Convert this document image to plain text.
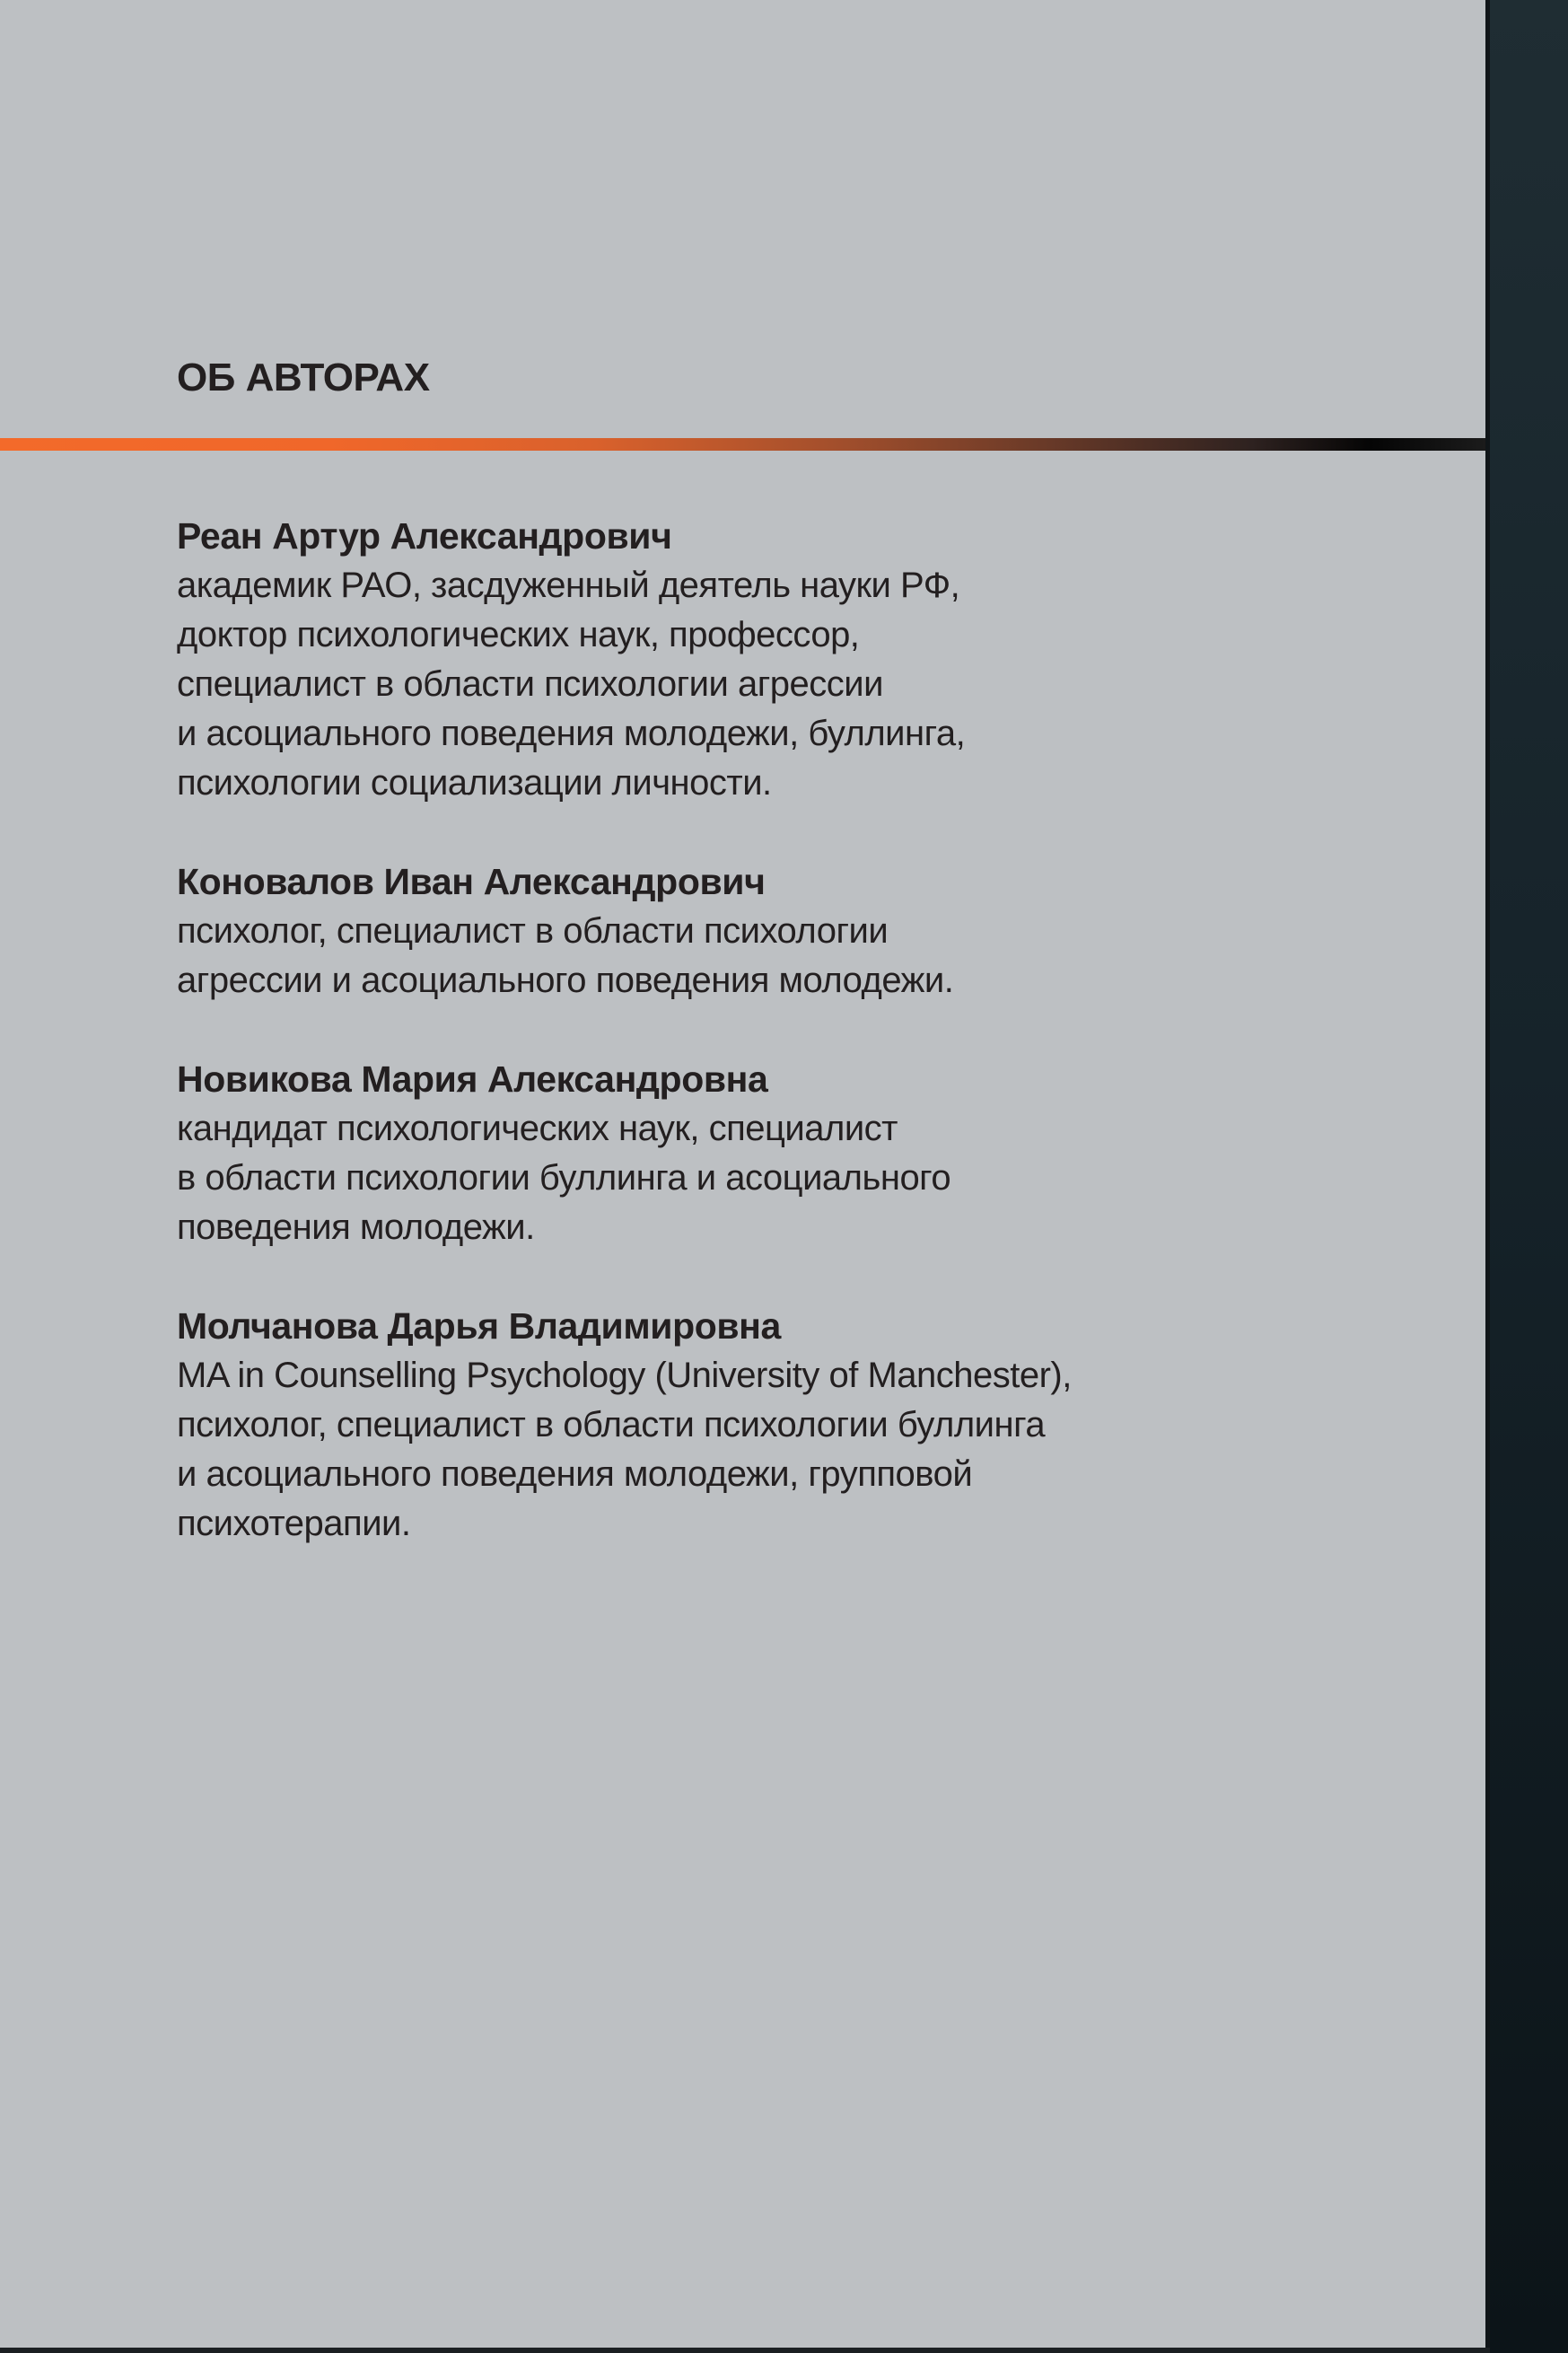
ОБ АВТОРАХ
Реан Артур Александрович
академик РАО, засдуженный деятель науки РФ,
доктор психологических наук, профессор,
специалист в области психологии агрессии
и асоциального поведения молодежи, буллинга,
психологии социализации личности.
Коновалов Иван Александрович
психолог, специалист в области психологии
агрессии и асоциального поведения молодежи.
Новикова Мария Александровна
кандидат психологических наук, специалист
в области психологии буллинга и асоциального
поведения молодежи.
Молчанова Дарья Владимировна
MA in Counselling Psychology (University of Manchester),
психолог, специалист в области психологии буллинга
и асоциального поведения молодежи, групповой
психотерапии.
